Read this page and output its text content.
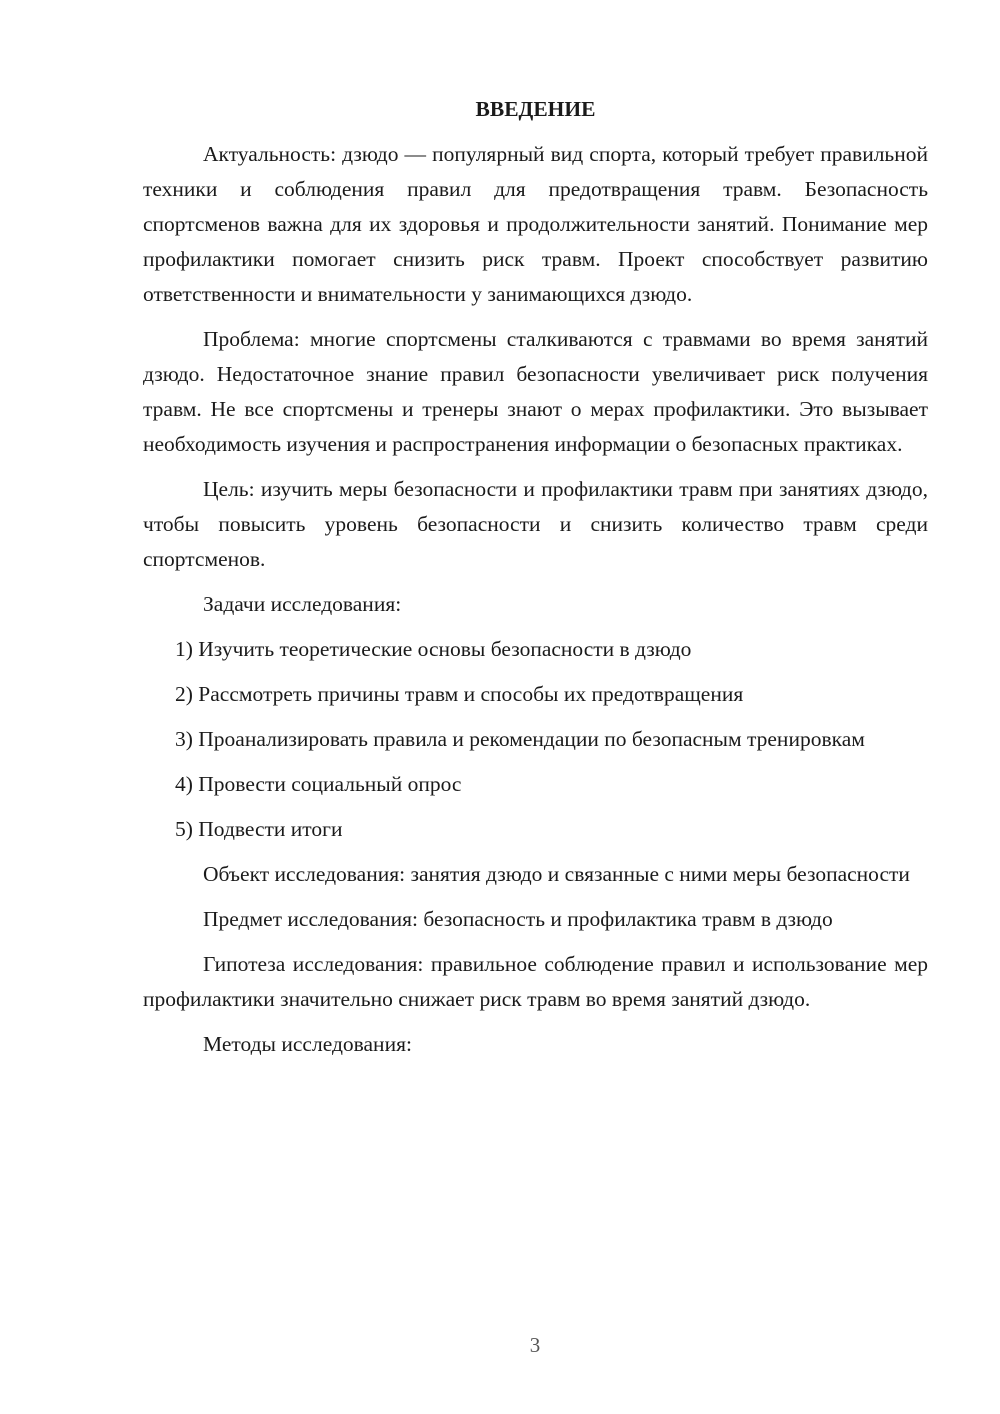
ВВЕДЕНИЕ

Актуальность: дзюдо — популярный вид спорта, который требует правильной техники и соблюдения правил для предотвращения травм. Безопасность спортсменов важна для их здоровья и продолжительности занятий. Понимание мер профилактики помогает снизить риск травм. Проект способствует развитию ответственности и внимательности у занимающихся дзюдо.

Проблема: многие спортсмены сталкиваются с травмами во время занятий дзюдо. Недостаточное знание правил безопасности увеличивает риск получения травм. Не все спортсмены и тренеры знают о мерах профилактики. Это вызывает необходимость изучения и распространения информации о безопасных практиках.

Цель: изучить меры безопасности и профилактики травм при занятиях дзюдо, чтобы повысить уровень безопасности и снизить количество травм среди спортсменов.

Задачи исследования:

1) Изучить теоретические основы безопасности в дзюдо

2) Рассмотреть причины травм и способы их предотвращения

3) Проанализировать правила и рекомендации по безопасным тренировкам

4) Провести социальный опрос

5) Подвести итоги

Объект исследования: занятия дзюдо и связанные с ними меры безопасности

Предмет исследования: безопасность и профилактика травм в дзюдо

Гипотеза исследования: правильное соблюдение правил и использование мер профилактики значительно снижает риск травм во время занятий дзюдо.

Методы исследования:

3
